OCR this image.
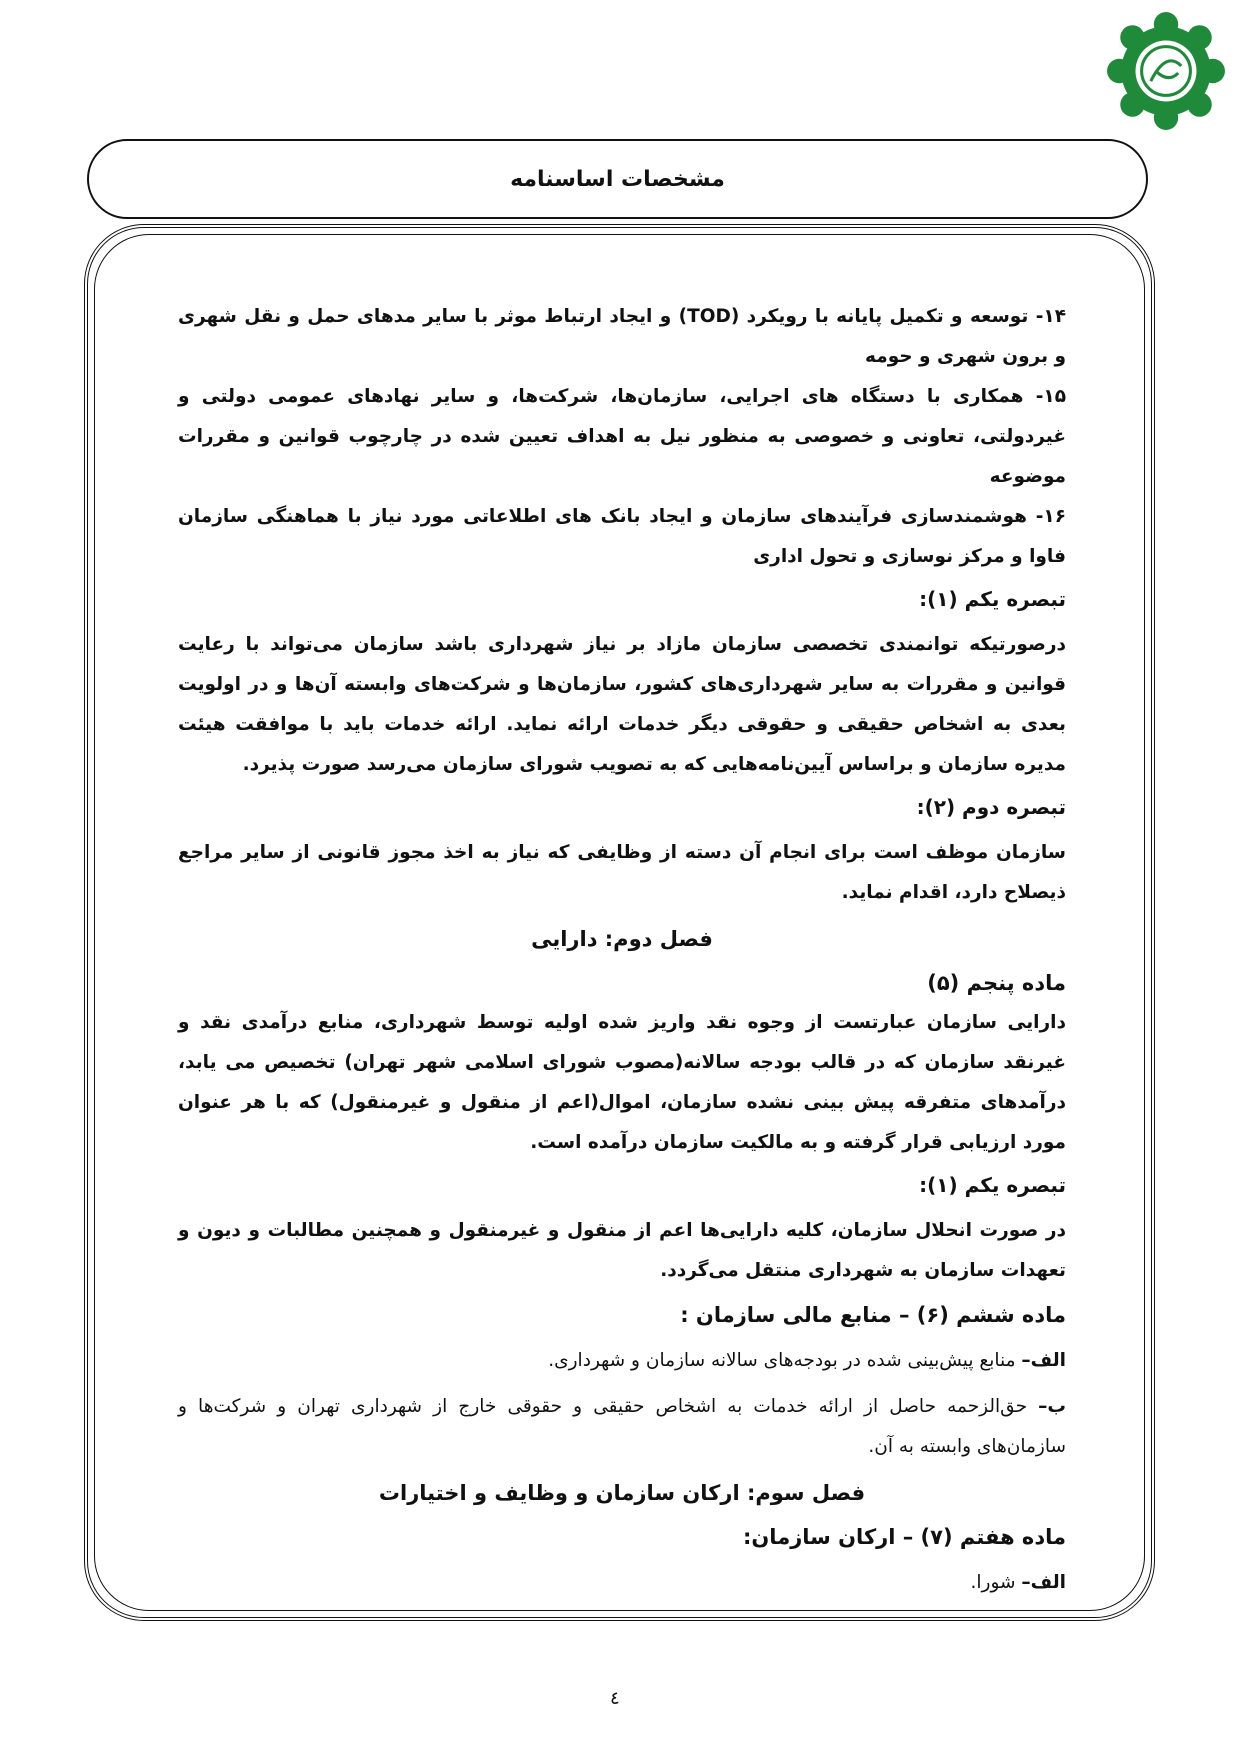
مشخصات اساسنامه

۱۴- توسعه و تکمیل پایانه با رویکرد (TOD) و ایجاد ارتباط موثر با سایر مدهای حمل و نقل شهری و برون شهری و حومه

۱۵- همکاری با دستگاه های اجرایی، سازمان‌ها، شرکت‌ها، و سایر نهادهای عمومی دولتی و غیردولتی، تعاونی و خصوصی به منظور نیل به اهداف تعیین شده در چارچوب قوانین و مقررات موضوعه

۱۶- هوشمندسازی فرآیندهای سازمان و ایجاد بانک های اطلاعاتی مورد نیاز با هماهنگی سازمان فاوا و مرکز نوسازی و تحول اداری

تبصره یکم (۱):

درصورتیکه توانمندی تخصصی سازمان مازاد بر نیاز شهرداری باشد سازمان می‌تواند با رعایت قوانین و مقررات به سایر شهرداری‌های کشور، سازمان‌ها و شرکت‌های وابسته آن‌ها و در اولویت بعدی به اشخاص حقیقی و حقوقی دیگر خدمات ارائه نماید. ارائه خدمات باید با موافقت هیئت مدیره سازمان و براساس آیین‌نامه‌هایی که به تصویب شورای سازمان می‌رسد صورت پذیرد.

تبصره دوم (۲):

سازمان موظف است برای انجام آن دسته از وظایفی که نیاز به اخذ مجوز قانونی از سایر مراجع ذیصلاح دارد، اقدام نماید.

فصل دوم: دارایی

ماده پنجم (۵)

دارایی سازمان عبارتست از وجوه نقد واریز شده اولیه توسط شهرداری، منابع درآمدی نقد و غیرنقد سازمان که در قالب بودجه سالانه(مصوب شورای اسلامی شهر تهران) تخصیص می یابد، درآمدهای متفرقه پیش بینی نشده سازمان، اموال(اعم از منقول و غیرمنقول) که با هر عنوان مورد ارزیابی قرار گرفته و به مالکیت سازمان درآمده است.

تبصره یکم (۱):

در صورت انحلال سازمان، کلیه دارایی‌ها اعم از منقول و غیرمنقول و همچنین مطالبات و دیون و تعهدات سازمان به شهرداری منتقل می‌گردد.

ماده ششم (۶) – منابع مالی سازمان :

الف– منابع پیش‌بینی شده در بودجه‌های سالانه سازمان و شهرداری.

ب– حق‌الزحمه حاصل از ارائه خدمات به اشخاص حقیقی و حقوقی خارج از شهرداری تهران و شرکت‌ها و سازمان‌های وابسته به آن.

فصل سوم: ارکان سازمان و وظایف و اختیارات

ماده هفتم (۷) – ارکان سازمان:

الف– شورا.

٤
